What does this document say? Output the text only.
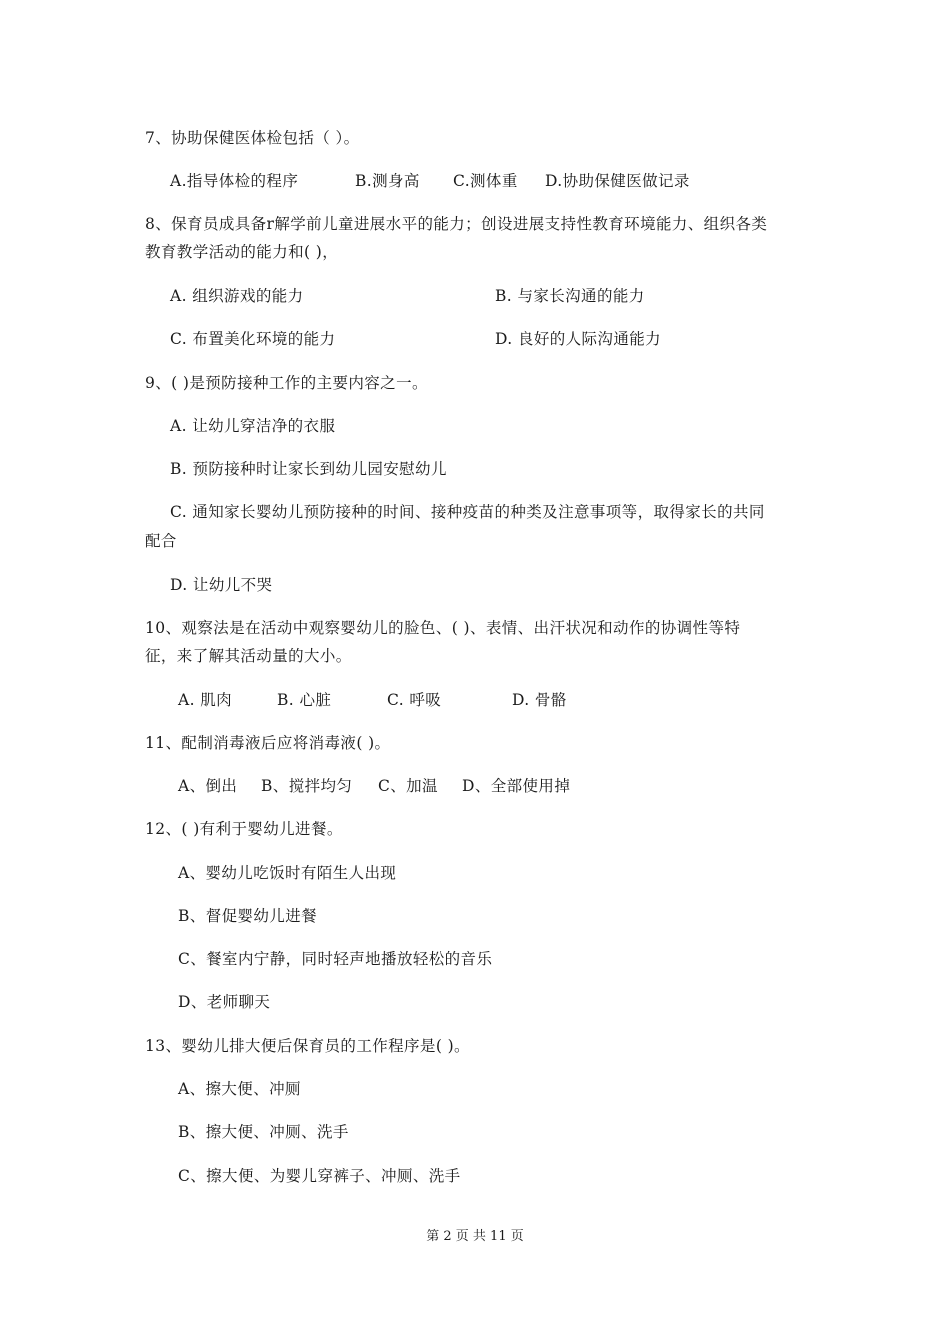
7、协助保健医体检包括（ ）。
A.指导体检的程序	B.测身高 C.测体重 D.协助保健医做记录
8、保育员成具备r解学前儿童进展水平的能力；创设进展支持性教育环境能力、组织各类
教育教学活动的能力和( )，
A. 组织游戏的能力	B. 与家长沟通的能力
C. 布置美化环境的能力	D. 良好的人际沟通能力
9、( )是预防接种工作的主要内容之一。
A. 让幼儿穿洁净的衣服
B. 预防接种时让家长到幼儿园安慰幼儿
C. 通知家长婴幼儿预防接种的时间、接种疫苗的种类及注意事项等，取得家长的共同
配合
D. 让幼儿不哭
10、观察法是在活动中观察婴幼儿的脸色、( )、表情、出汗状况和动作的协调性等特
征，来了解其活动量的大小。
A. 肌肉	B. 心脏	C. 呼吸	D. 骨骼
11、配制消毒液后应将消毒液( )。
A、倒出 B、搅拌均匀 C、加温 D、全部使用掉
12、( )有利于婴幼儿进餐。
A、婴幼儿吃饭时有陌生人出现
B、督促婴幼儿进餐
C、餐室内宁静，同时轻声地播放轻松的音乐
D、老师聊天
13、婴幼儿排大便后保育员的工作程序是( )。
A、擦大便、冲厕
B、擦大便、冲厕、洗手
C、擦大便、为婴儿穿裤子、冲厕、洗手
第 2 页 共 11 页
